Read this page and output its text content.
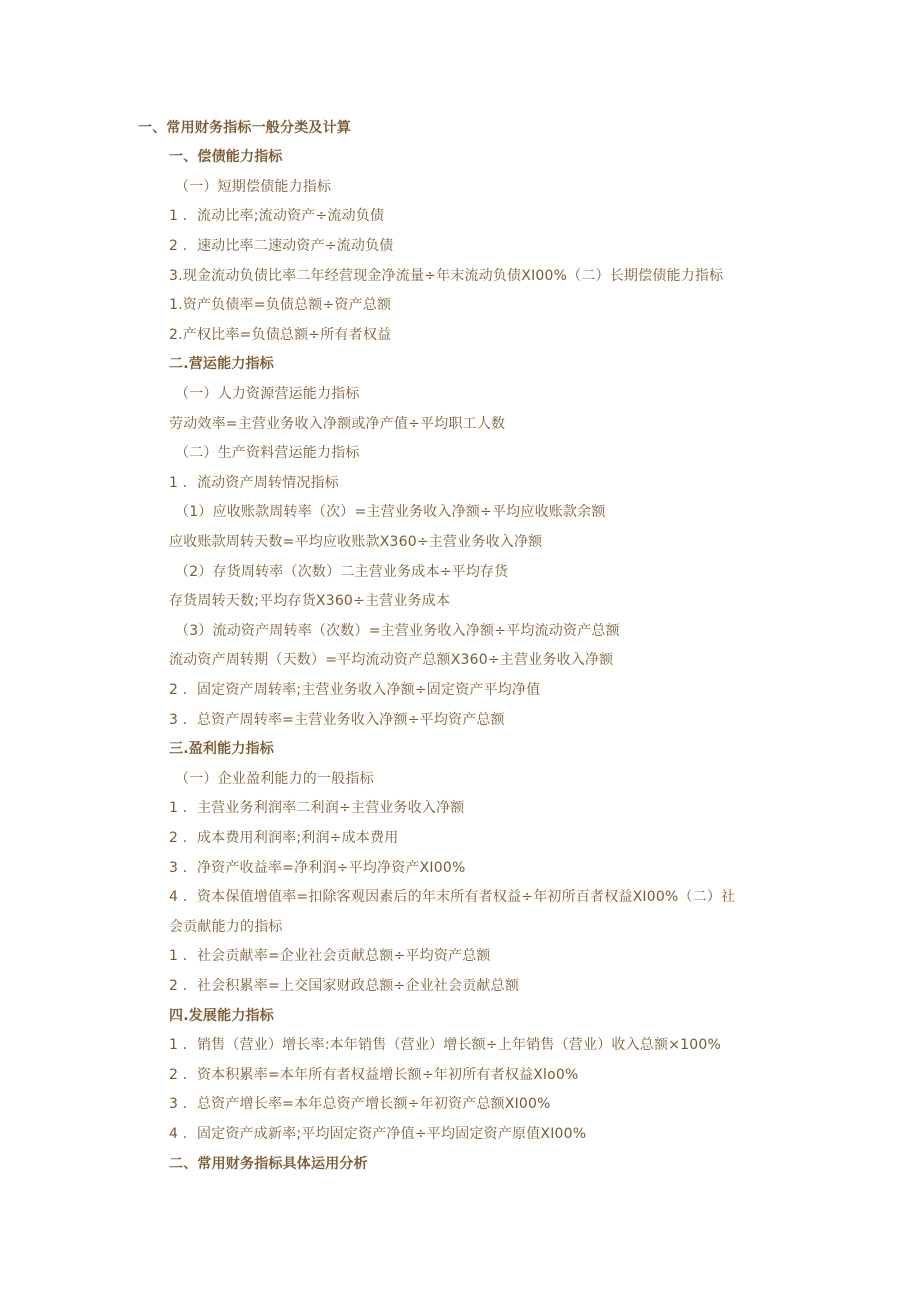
一、常用财务指标一般分类及计算
一、偿债能力指标
（一）短期偿债能力指标
1 ．流动比率;流动资产÷流动负债
2 ．速动比率二速动资产÷流动负债
3.现金流动负债比率二年经营现金净流量÷年末流动负债XI00%（二）长期偿债能力指标
1.资产负债率=负债总额÷资产总额
2.产权比率=负债总额÷所有者权益
二.营运能力指标
（一）人力资源营运能力指标
劳动效率=主营业务收入净额或净产值÷平均职工人数
（二）生产资料营运能力指标
1 ．流动资产周转情况指标
（1）应收账款周转率（次）=主营业务收入净额÷平均应收账款余额
应收账款周转天数=平均应收账款X360÷主营业务收入净额
（2）存货周转率（次数）二主营业务成本÷平均存货
存货周转天数;平均存货X360÷主营业务成本
（3）流动资产周转率（次数）=主营业务收入净额÷平均流动资产总额
流动资产周转期（天数）=平均流动资产总额X360÷主营业务收入净额
2 ．固定资产周转率;主营业务收入净额÷固定资产平均净值
3 ．总资产周转率=主营业务收入净额÷平均资产总额
三.盈利能力指标
（一）企业盈利能力的一般指标
1 ．主营业务利润率二利润÷主营业务收入净额
2 ．成本费用利润率;利润÷成本费用
3 ．净资产收益率=净利润÷平均净资产XI00%
4 ．资本保值增值率=扣除客观因素后的年末所有者权益÷年初所百者权益XI00%（二）社
会贡献能力的指标
1 ．社会贡献率=企业社会贡献总额÷平均资产总额
2 ．社会积累率=上交国家财政总额÷企业社会贡献总额
四.发展能力指标
1 ．销售（营业）增长率:本年销售（营业）增长额÷上年销售（营业）收入总额×100%
2 ．资本积累率=本年所有者权益增长额÷年初所有者权益Xlo0%
3 ．总资产增长率=本年总资产增长额÷年初资产总额XI00%
4 ．固定资产成新率;平均固定资产净值÷平均固定资产原值XI00%
二、常用财务指标具体运用分析
